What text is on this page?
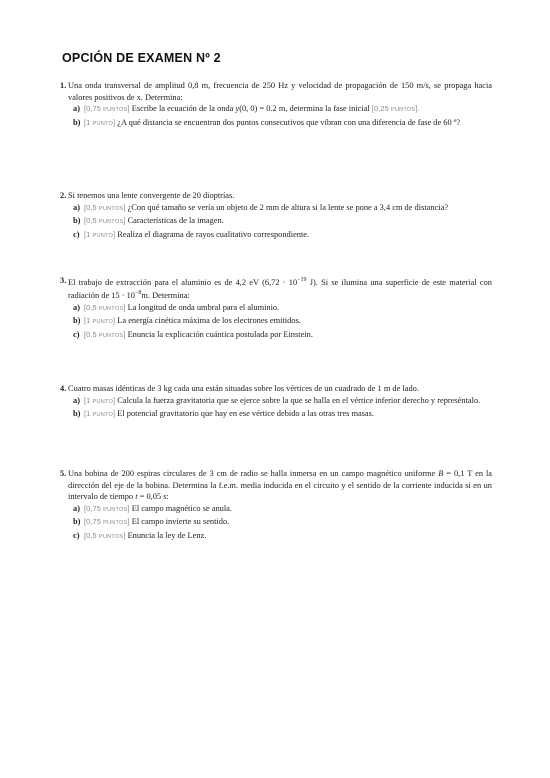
OPCIÓN DE EXAMEN Nº 2
1. Una onda transversal de amplitud 0,8 m, frecuencia de 250 Hz y velocidad de propagación de 150 m/s, se propaga hacia valores positivos de x. Determina:
a) [0,75 PUNTOS] Escribe la ecuación de la onda y(0, 0) = 0.2 m, determina la fase inicial [0,25 PUNTOS].
b) [1 PUNTO] ¿A qué distancia se encuentran dos puntos consecutivos que vibran con una diferencia de fase de 60 º?
2. Si tenemos una lente convergente de 20 dioptrías.
a) [0,5 PUNTOS] ¿Con qué tamaño se vería un objeto de 2 mm de altura si la lente se pone a 3,4 cm de distancia?
b) [0,5 PUNTOS] Características de la imagen.
c) [1 PUNTO] Realiza el diagrama de rayos cualitativo correspondiente.
3. El trabajo de extracción para el aluminio es de 4,2 eV ($6,72 \cdot 10^{-19}$ J). Si se ilumina una superficie de este material con radiación de $15 \cdot 10^{-8}m$. Determina:
a) [0,5 PUNTOS] La longitud de onda umbral para el aluminio.
b) [1 PUNTO] La energía cinética máxima de los electrones emitidos.
c) [0,5 PUNTOS] Enuncia la explicación cuántica postulada por Einstein.
4. Cuatro masas idénticas de 3 kg cada una están situadas sobre los vértices de un cuadrado de 1 m de lado.
a) [1 PUNTO] Calcula la fuerza gravitatoria que se ejerce sobre la que se halla en el vértice inferior derecho y represéntalo.
b) [1 PUNTO] El potencial gravitatorio que hay en ese vértice debido a las otras tres masas.
5. Una bobina de 200 espiras circulares de 3 cm de radio se halla inmersa en un campo magnético uniforme B = 0,1 T en la dirección del eje de la bobina. Determina la f.e.m. media inducida en el circuito y el sentido de la corriente inducida si en un intervalo de tiempo t = 0,05 s:
a) [0,75 PUNTOS] El campo magnético se anula.
b) [0,75 PUNTOS] El campo invierte su sentido.
c) [0,5 PUNTOS] Enuncia la ley de Lenz.
